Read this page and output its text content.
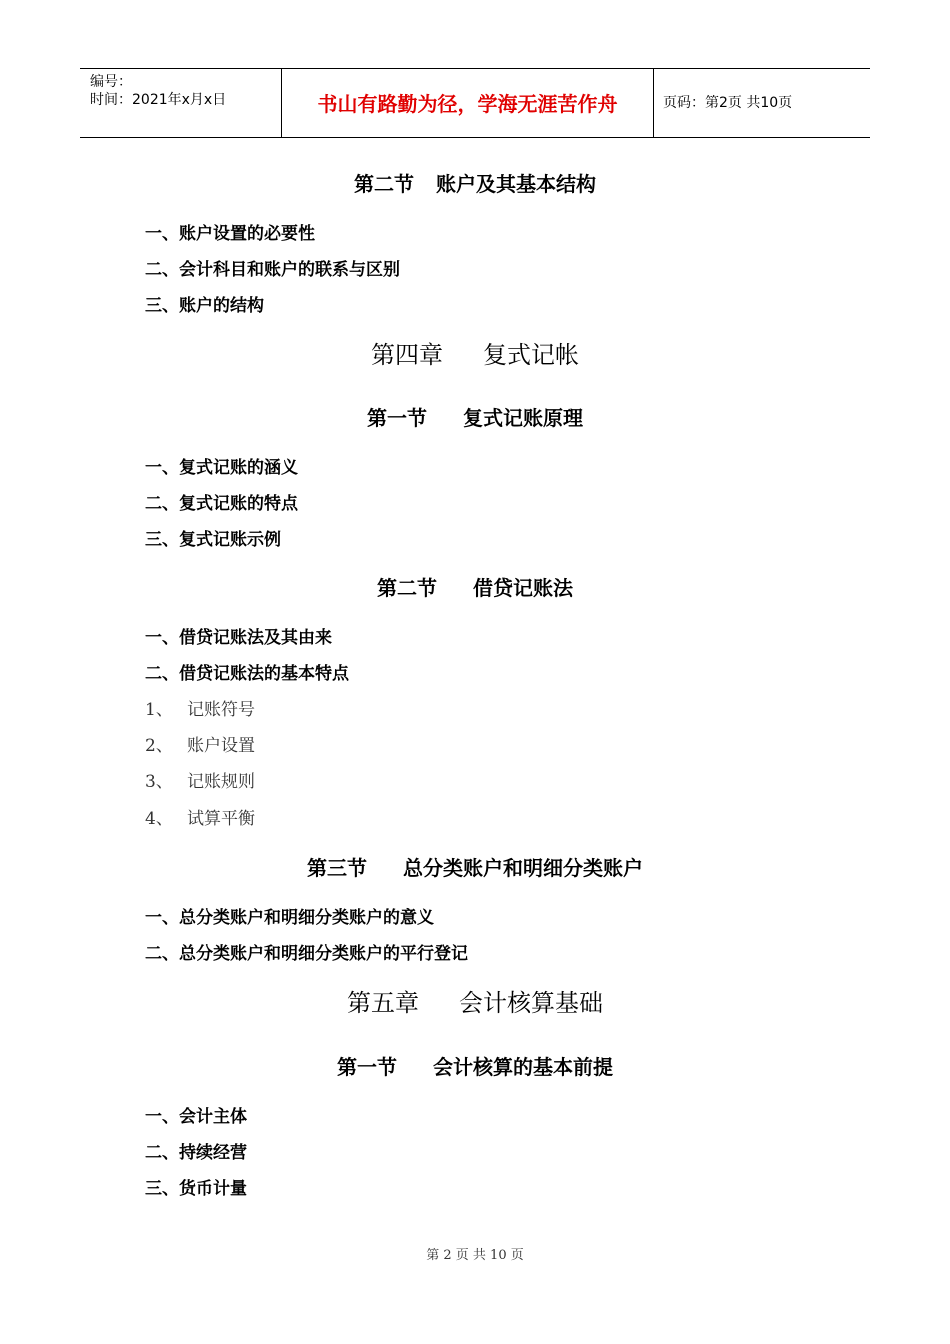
编号：
时间：2021年x月x日	书山有路勤为径，学海无涯苦作舟	页码：第2页 共10页
第二节 账户及其基本结构
一、账户设置的必要性
二、会计科目和账户的联系与区别
三、账户的结构
第四章 复式记帐
第一节 复式记账原理
一、复式记账的涵义
二、复式记账的特点
三、复式记账示例
第二节 借贷记账法
一、借贷记账法及其由来
二、借贷记账法的基本特点
1、 记账符号
2、 账户设置
3、 记账规则
4、 试算平衡
第三节 总分类账户和明细分类账户
一、总分类账户和明细分类账户的意义
二、总分类账户和明细分类账户的平行登记
第五章 会计核算基础
第一节 会计核算的基本前提
一、会计主体
二、持续经营
三、货币计量
第 2 页 共 10 页
